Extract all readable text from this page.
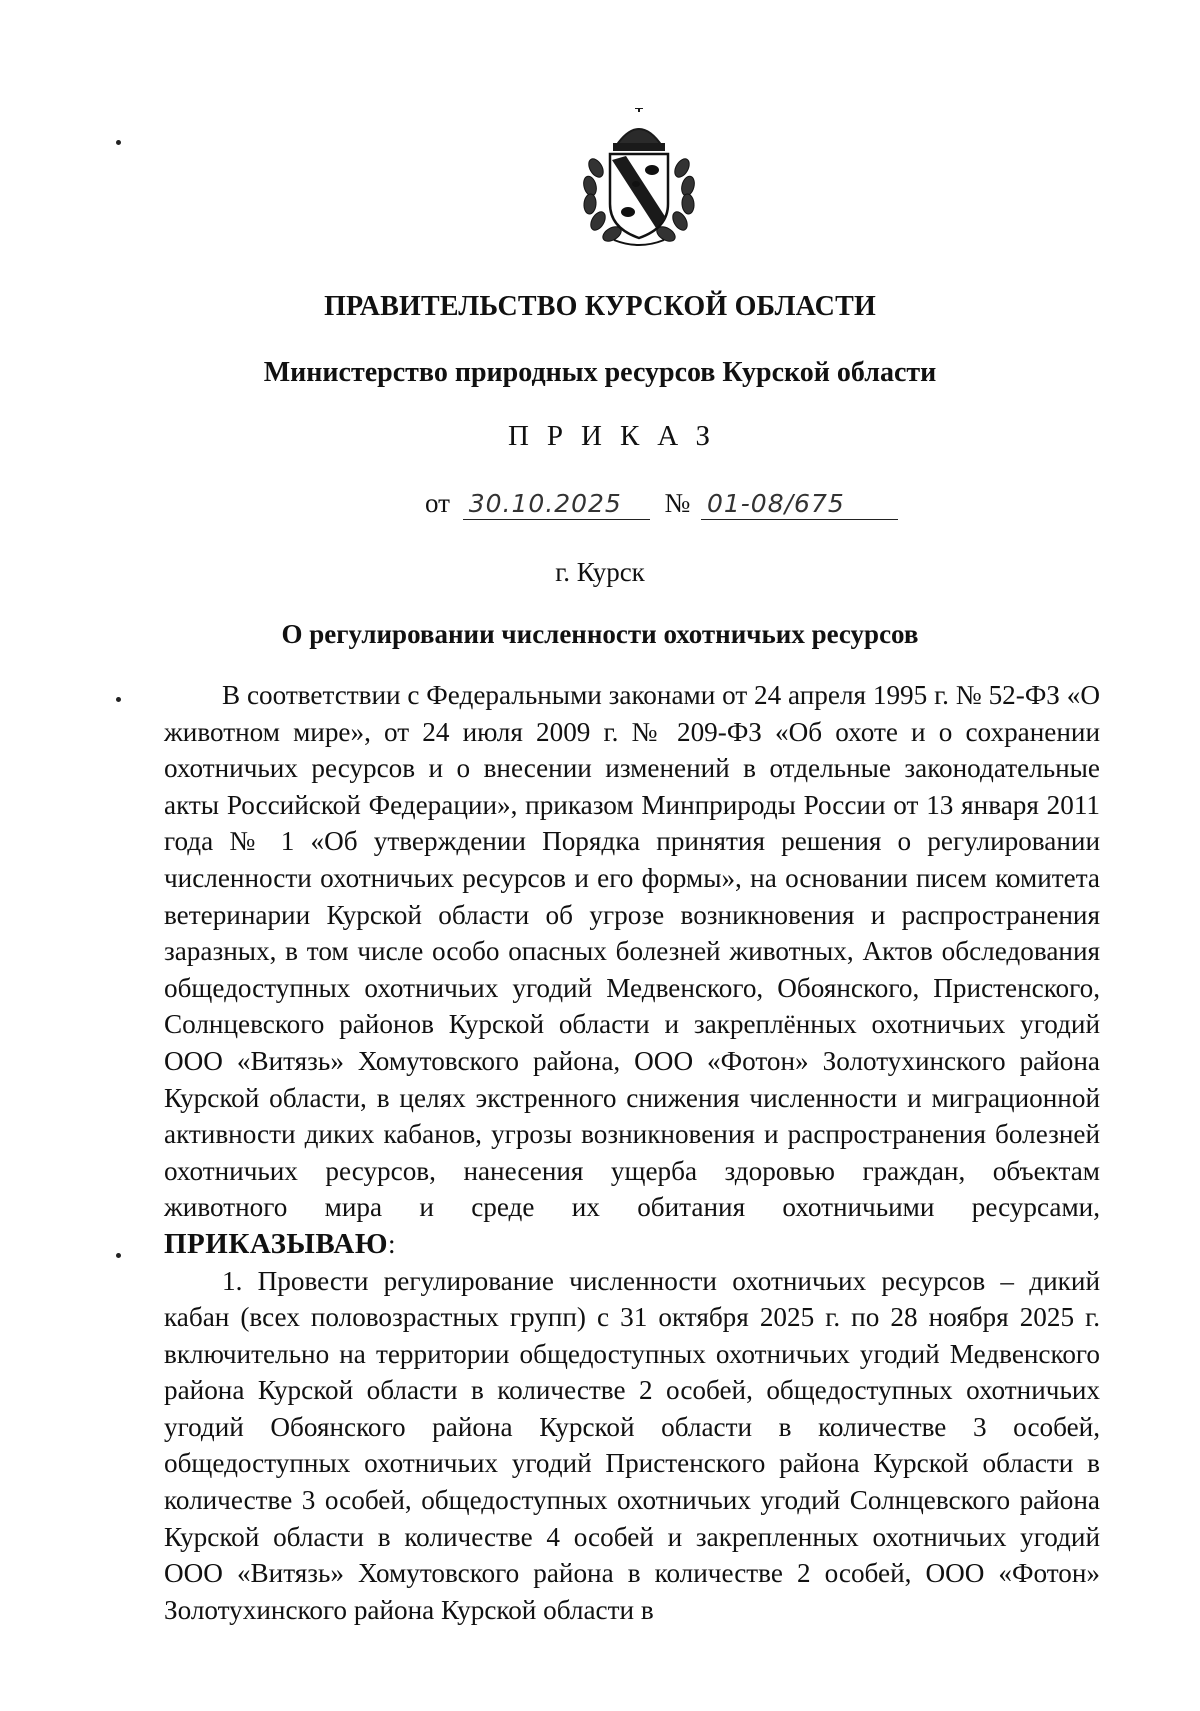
ПРАВИТЕЛЬСТВО КУРСКОЙ ОБЛАСТИ
Министерство природных ресурсов Курской области
ПРИКАЗ
от 30.10.2025 № 01-08/675
г. Курск
О регулировании численности охотничьих ресурсов

В соответствии с Федеральными законами от 24 апреля 1995 г. № 52-ФЗ «О животном мире», от 24 июля 2009 г. № 209-ФЗ «Об охоте и о сохранении охотничьих ресурсов и о внесении изменений в отдельные законодательные акты Российской Федерации», приказом Минприроды России от 13 января 2011 года № 1 «Об утверждении Порядка принятия решения о регулировании численности охотничьих ресурсов и его формы», на основании писем комитета ветеринарии Курской области об угрозе возникновения и распространения заразных, в том числе особо опасных болезней животных, Актов обследования общедоступных охотничьих угодий Медвенского, Обоянского, Пристенского, Солнцевского районов Курской области и закреплённых охотничьих угодий ООО «Витязь» Хомутовского района, ООО «Фотон» Золотухинского района Курской области, в целях экстренного снижения численности и миграционной активности диких кабанов, угрозы возникновения и распространения болезней охотничьих ресурсов, нанесения ущерба здоровью граждан, объектам животного мира и среде их обитания охотничьими ресурсами, ПРИКАЗЫВАЮ:

1. Провести регулирование численности охотничьих ресурсов – дикий кабан (всех половозрастных групп) с 31 октября 2025 г. по 28 ноября 2025 г. включительно на территории общедоступных охотничьих угодий Медвенского района Курской области в количестве 2 особей, общедоступных охотничьих угодий Обоянского района Курской области в количестве 3 особей, общедоступных охотничьих угодий Пристенского района Курской области в количестве 3 особей, общедоступных охотничьих угодий Солнцевского района Курской области в количестве 4 особей и закрепленных охотничьих угодий ООО «Витязь» Хомутовского района в количестве 2 особей, ООО «Фотон» Золотухинского района Курской области в
